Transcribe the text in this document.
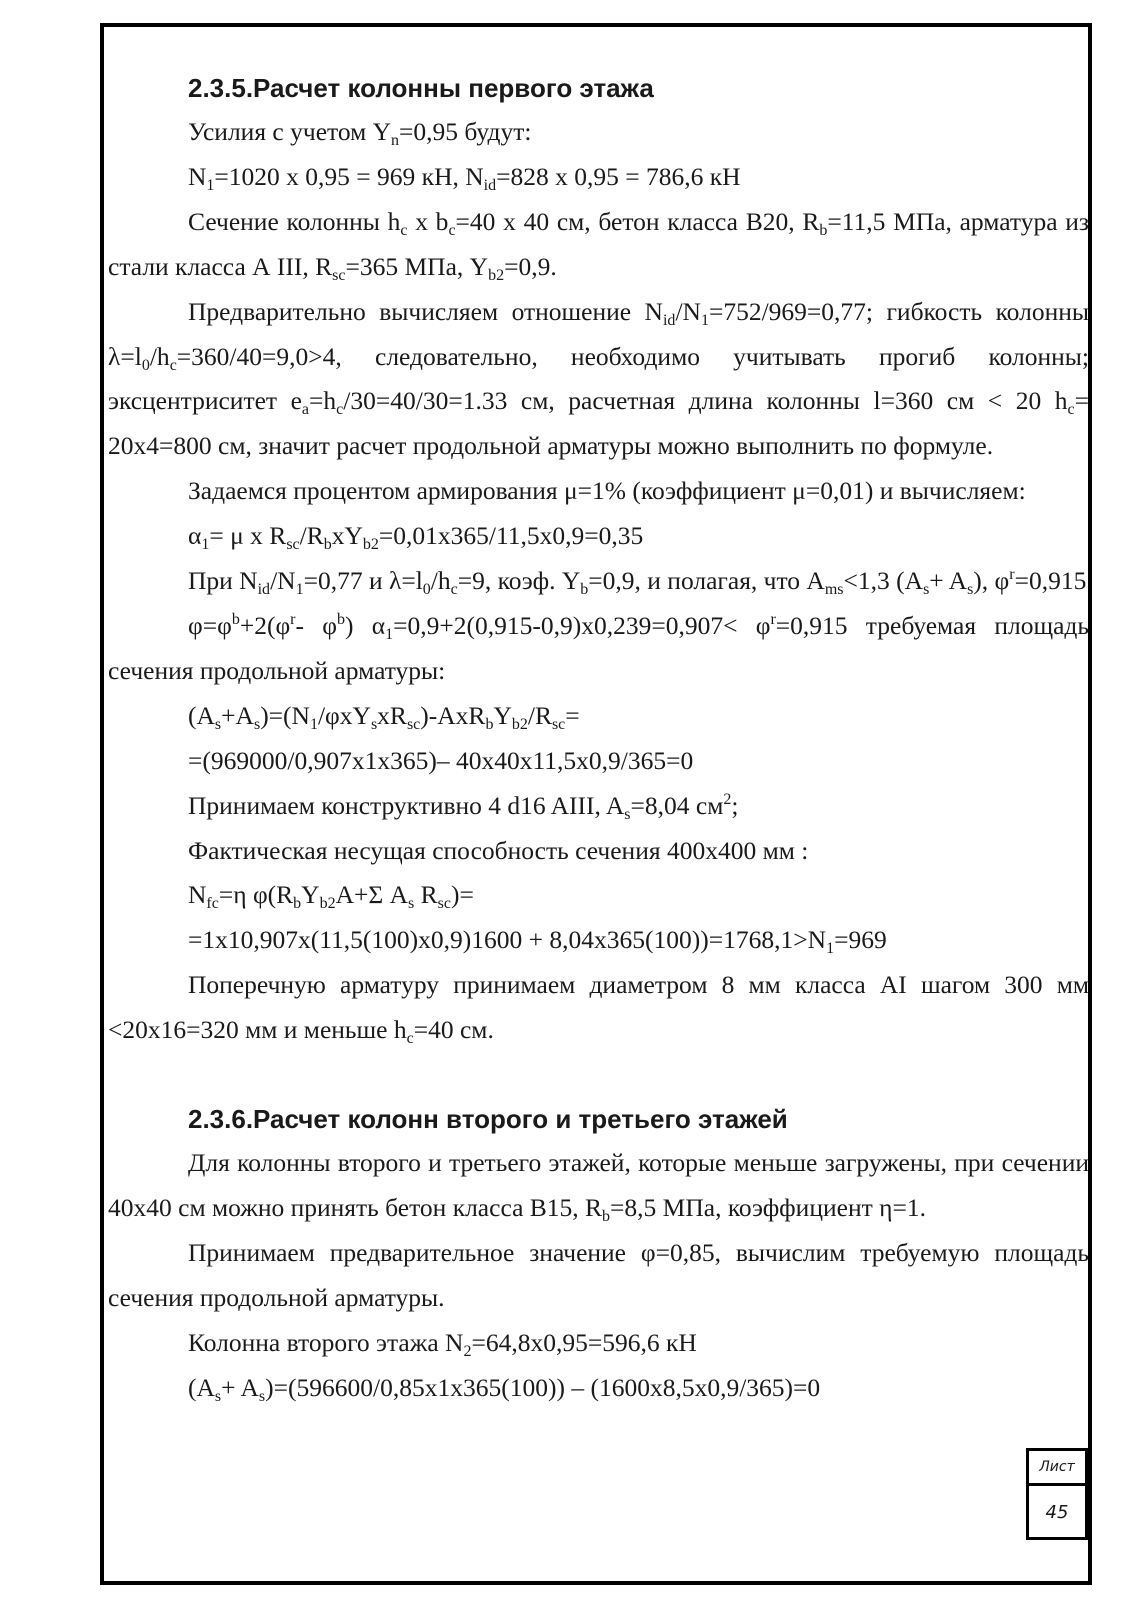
2.3.5.Расчет колонны первого этажа

Усилия с учетом $Y_n=0,95$ будут:

$N_1=1020$ х 0,95 = 969 кН, $N_{id}=828$ х 0,95 = 786,6 кН

Сечение колонны $h_c$ х $b_c=40$ х 40 см, бетон класса В20, $R_b=11,5$ МПа, арматура из стали класса А III, $R_{sc}=365$ МПа, $Y_{b2}=0,9$.

Предварительно вычисляем отношение $N_{id}/N_1=752/969=0,77$; гибкость колонны $\lambda=l_0/h_c=360/40=9,0>4$, следовательно, необходимо учитывать прогиб колонны; эксцентриситет $e_a=h_c/30=40/30=1.33$ см, расчетная длина колонны l=360 см < 20 $h_c= 20х4=800$ см, значит расчет продольной арматуры можно выполнить по формуле.

Задаемся процентом армирования μ=1% (коэффициент μ=0,01) и вычисляем:

$\alpha_1= \mu$ х $R_{sc}/R_bхY_{b2}=0,01х365/11,5х0,9=0,35$

При $N_{id}/N_1=0,77$ и $\lambda=l_0/h_c=9$, коэф. $Y_b=0,9$, и полагая, что $A_{ms}<1,3$ $(A_s+ A_s)$, $\varphi^r=0,915$

$\varphi=\varphi^b+2(\varphi^r-$ $\varphi^b$) $\alpha_1=0,9+2(0,915-0,9)х0,239=0,907< \varphi^r=0,915$ требуемая площадь сечения продольной арматуры:

$(A_s+A_s)=(N_1/\varphi хY_sхR_{sc})-AхR_bY_{b2}/R_{sc}=$

=(969000/0,907х1х365)– 40х40х11,5х0,9/365=0

Принимаем конструктивно 4 d16 AIII, $A_s=8,04$ $см^2$;

Фактическая несущая способность сечения 400х400 мм :

$N_{fc}=\eta$ $\varphi(R_bY_{b2}A+\Sigma$ $A_s$ $R_{sc})=$

$=1х10,907х(11,5(100)х0,9)1600 + 8,04х365(100))=1768,1>N_1=969$

Поперечную арматуру принимаем диаметром 8 мм класса AI шагом 300 мм <20х16=320 мм и меньше $h_c=40$ см.

2.3.6.Расчет колонн второго и третьего этажей

Для колонны второго и третьего этажей, которые меньше загружены, при сечении 40х40 см можно принять бетон класса В15, $R_b=8,5$ МПа, коэффициент η=1.

Принимаем предварительное значение φ=0,85, вычислим требуемую площадь сечения продольной арматуры.

Колонна второго этажа $N_2=64,8х0,95=596,6$ кН

$(A_s+ A_s)=(596600/0,85х1х365(100)) - (1600х8,5х0,9/365)=0$

Лист
45
